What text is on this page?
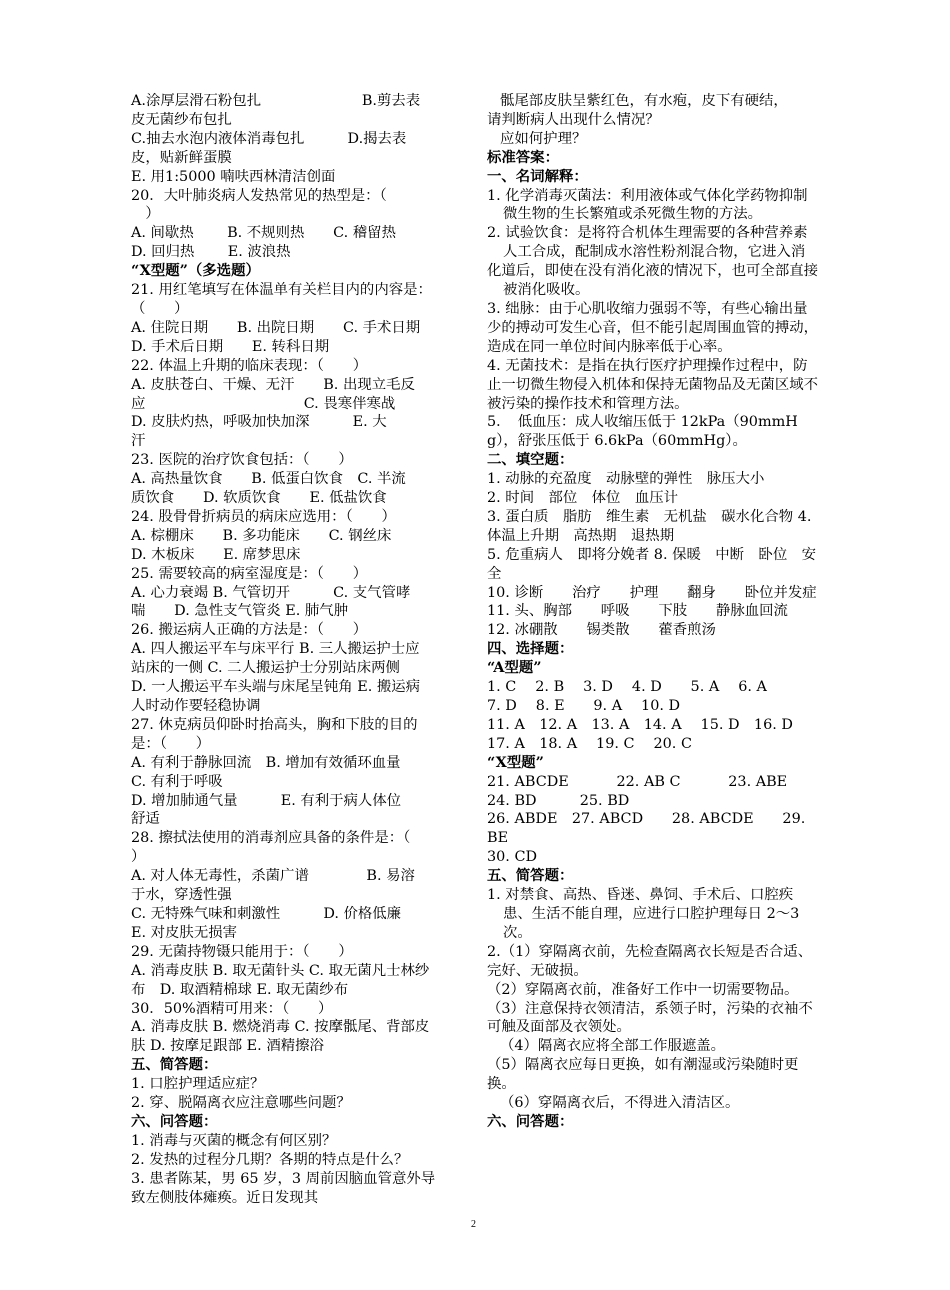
A.涂厚层滑石粉包扎　　　　　　　B.剪去表
皮无菌纱布包扎
C.抽去水泡内液体消毒包扎　　　D.揭去表
皮，贴新鲜蛋膜
E. 用1:5000 喃呋西林清洁创面
20．大叶肺炎病人发热常见的热型是：（
　）
A. 间歇热　　 B. 不规则热　　C. 稽留热
D. 回归热　　 E. 波浪热
“X型题”（多选题）
21. 用红笔填写在体温单有关栏目内的内容是：
（　　）
A. 住院日期　　B. 出院日期　　C. 手术日期
D. 手术后日期　　E. 转科日期
22. 体温上升期的临床表现：（　　）
A. 皮肤苍白、干燥、无汗　　B. 出现立毛反
应　　　　　　　　　　　C. 畏寒伴寒战
D. 皮肤灼热，呼吸加快加深　　　E. 大
汗
23. 医院的治疗饮食包括：（　　）
A. 高热量饮食　　B. 低蛋白饮食　C. 半流
质饮食　　D. 软质饮食　　E. 低盐饮食
24. 股骨骨折病员的病床应选用：（　　）
A. 棕棚床　　B. 多功能床　　C. 钢丝床
D. 木板床　　E. 席梦思床
25. 需要较高的病室湿度是：（　　）
A. 心力衰竭 B. 气管切开　　　C. 支气管哮
喘　　D. 急性支气管炎 E. 肺气肿
26. 搬运病人正确的方法是：（　　）
A. 四人搬运平车与床平行 B. 三人搬运护士应
站床的一侧 C. 二人搬运护士分别站床两侧
D. 一人搬运平车头端与床尾呈钝角 E. 搬运病
人时动作要轻稳协调
27. 休克病员仰卧时抬高头，胸和下肢的目的
是：（　　）
A. 有利于静脉回流　B. 增加有效循环血量
C. 有利于呼吸
D. 增加肺通气量　　　E. 有利于病人体位
舒适
28. 擦拭法使用的消毒剂应具备的条件是：（
）
A. 对人体无毒性，杀菌广谱　　　　B. 易溶
于水，穿透性强
C. 无特殊气味和刺激性　　　D. 价格低廉
E. 对皮肤无损害
29. 无菌持物镊只能用于：（　　）
A. 消毒皮肤 B. 取无菌针头 C. 取无菌凡士林纱
布　D. 取酒精棉球 E. 取无菌纱布
30．50%酒精可用来：（　　）
A. 消毒皮肤 B. 燃烧消毒 C. 按摩骶尾、背部皮
肤 D. 按摩足跟部 E. 酒精擦浴
五、简答题：
1. 口腔护理适应症？
2. 穿、脱隔离衣应注意哪些问题？
六、问答题：
1. 消毒与灭菌的概念有何区别？
2. 发热的过程分几期？各期的特点是什么？
3. 患者陈某，男 65 岁，3 周前因脑血管意外导
致左侧肢体瘫痪。近日发现其
骶尾部皮肤呈紫红色，有水疱，皮下有硬结，
请判断病人出现什么情况？
应如何护理？
标准答案：
一、名词解释：
1. 化学消毒灭菌法：利用液体或气体化学药物抑制微生物的生长繁殖或杀死微生物的方法。
2. 试验饮食：是将符合机体生理需要的各种营养素人工合成，配制成水溶性粉剂混合物，它进入消
化道后，即使在没有消化液的情况下，也可全部直接被消化吸收。
3. 绌脉：由于心肌收缩力强弱不等，有些心输出量少的搏动可发生心音，但不能引起周围血管的搏动，造成在同一单位时间内脉率低于心率。
4. 无菌技术：是指在执行医疗护理操作过程中，防止一切微生物侵入机体和保持无菌物品及无菌区域不被污染的操作技术和管理方法。
5．　低血压：成人收缩压低于 12kPa（90mmHg），舒张压低于 6.6kPa（60mmHg）。
二、填空题：
1. 动脉的充盈度　动脉壁的弹性　脉压大小
2. 时间　部位　体位　血压计
3. 蛋白质　脂肪　维生素　无机盐　碳水化合物 4. 体温上升期　高热期　退热期
5. 危重病人　即将分娩者 8. 保暖　中断　卧位　安全
10. 诊断　　治疗　　护理　　翻身　　卧位并发症 11. 头、胸部　　呼吸　　下肢　　静脉血回流
12. 冰硼散　　锡类散　　藿香煎汤
四、选择题：
“A型题”
1. C　 2. B　 3. D　 4. D　　5. A　 6. A
7. D　 8. E　　9. A　 10. D
11. A　12. A　13. A　14. A　 15. D　16. D
17. A　18. A　 19. C　 20. C
“X型题”
21. ABCDE　　　 22. AB C　　　 23. ABE
24. BD　　　25. BD
26. ABDE　27. ABCD　　28. ABCDE　　29. BE
30. CD
五、简答题：
1. 对禁食、高热、昏迷、鼻饲、手术后、口腔疾患、生活不能自理，应进行口腔护理每日 2～3 次。
2.（1）穿隔离衣前，先检查隔离衣长短是否合适、完好、无破损。
（2）穿隔离衣前，准备好工作中一切需要物品。
（3）注意保持衣领清洁，系领子时，污染的衣袖不可触及面部及衣领处。
（4）隔离衣应将全部工作服遮盖。
（5）隔离衣应每日更换，如有潮湿或污染随时更换。
（6）穿隔离衣后，不得进入清洁区。
六、问答题：
2
